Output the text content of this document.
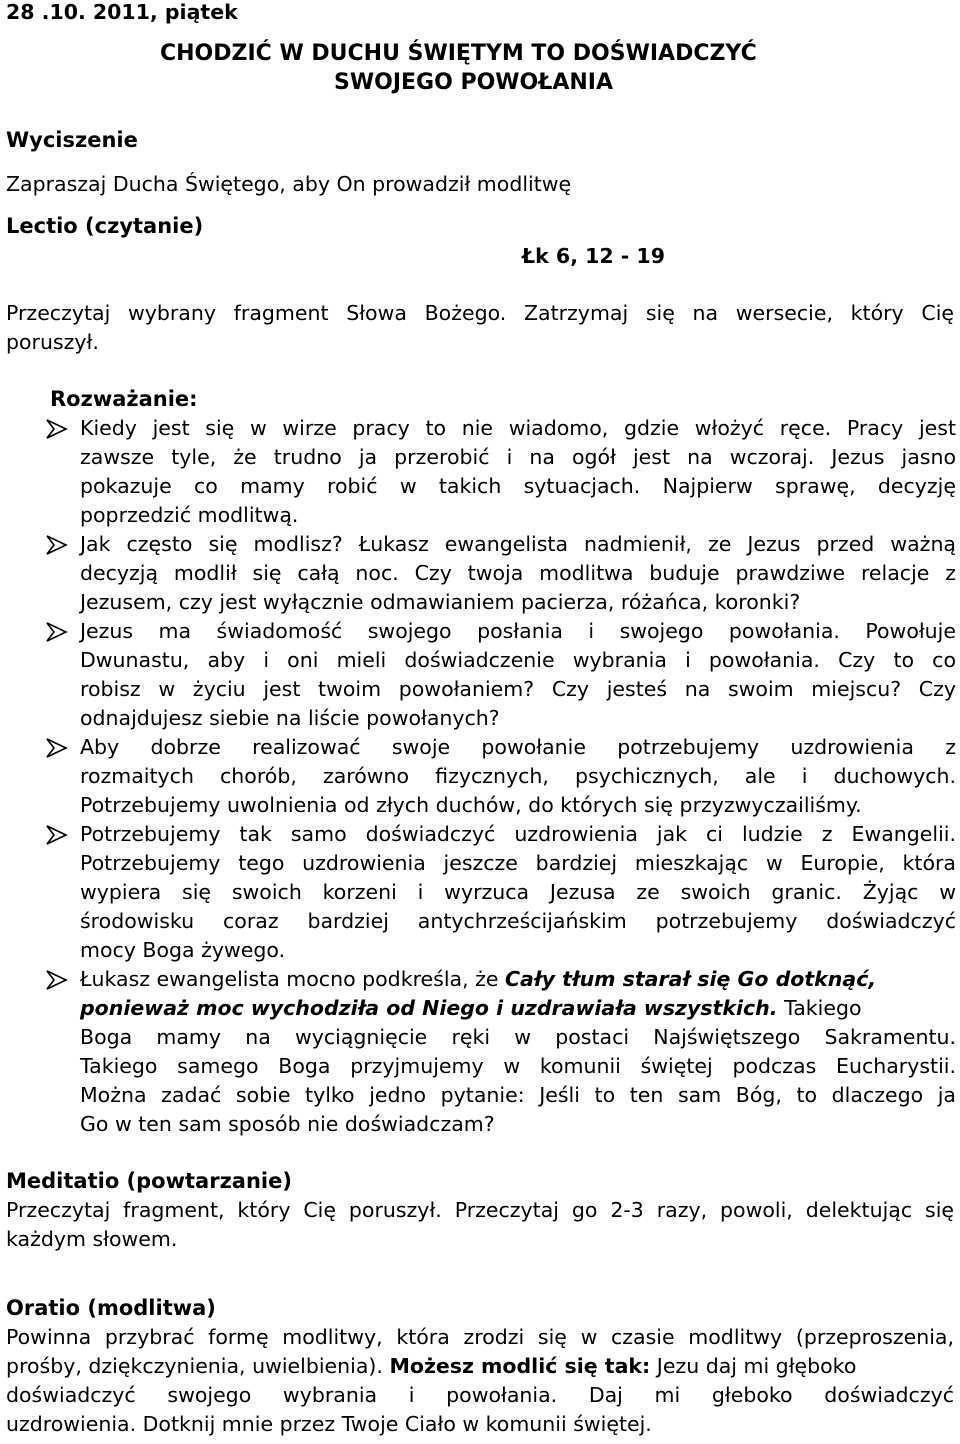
28 .10. 2011, piątek
CHODZIĆ W DUCHU ŚWIĘTYM TO DOŚWIADCZYĆ
SWOJEGO POWOŁANIA
Wyciszenie
Zapraszaj Ducha Świętego, aby On prowadził modlitwę
Lectio (czytanie)
Łk 6, 12 - 19
Przeczytaj wybrany fragment Słowa Bożego. Zatrzymaj się na wersecie, który Cię
poruszył.
Rozważanie:
Kiedy jest się w wirze pracy to nie wiadomo, gdzie włożyć ręce. Pracy jest
zawsze tyle, że trudno ja przerobić i na ogół jest na wczoraj. Jezus jasno
pokazuje co mamy robić w takich sytuacjach. Najpierw sprawę, decyzję
poprzedzić modlitwą.
Jak często się modlisz? Łukasz ewangelista nadmienił, ze Jezus przed ważną
decyzją modlił się całą noc. Czy twoja modlitwa buduje prawdziwe relacje z
Jezusem, czy jest wyłącznie odmawianiem pacierza, różańca, koronki?
Jezus ma świadomość swojego posłania i swojego powołania. Powołuje
Dwunastu, aby i oni mieli doświadczenie wybrania i powołania. Czy to co
robisz w życiu jest twoim powołaniem? Czy jesteś na swoim miejscu? Czy
odnajdujesz siebie na liście powołanych?
Aby dobrze realizować swoje powołanie potrzebujemy uzdrowienia z
rozmaitych chorób, zarówno fizycznych, psychicznych, ale i duchowych.
Potrzebujemy uwolnienia od złych duchów, do których się przyzwyczailiśmy.
Potrzebujemy tak samo doświadczyć uzdrowienia jak ci ludzie z Ewangelii.
Potrzebujemy tego uzdrowienia jeszcze bardziej mieszkając w Europie, która
wypiera się swoich korzeni i wyrzuca Jezusa ze swoich granic. Żyjąc w
środowisku coraz bardziej antychrześcijańskim potrzebujemy doświadczyć
mocy Boga żywego.
Łukasz ewangelista mocno podkreśla, że Cały tłum starał się Go dotknąć,
ponieważ moc wychodziła od Niego i uzdrawiała wszystkich. Takiego
Boga mamy na wyciągnięcie ręki w postaci Najświętszego Sakramentu.
Takiego samego Boga przyjmujemy w komunii świętej podczas Eucharystii.
Można zadać sobie tylko jedno pytanie: Jeśli to ten sam Bóg, to dlaczego ja
Go w ten sam sposób nie doświadczam?
Meditatio (powtarzanie)
Przeczytaj fragment, który Cię poruszył. Przeczytaj go 2-3 razy, powoli, delektując się
każdym słowem.
Oratio (modlitwa)
Powinna przybrać formę modlitwy, która zrodzi się w czasie modlitwy (przeproszenia,
prośby, dziękczynienia, uwielbienia). Możesz modlić się tak: Jezu daj mi głęboko
doświadczyć swojego wybrania i powołania. Daj mi głeboko doświadczyć
uzdrowienia. Dotknij mnie przez Twoje Ciało w komunii świętej.
